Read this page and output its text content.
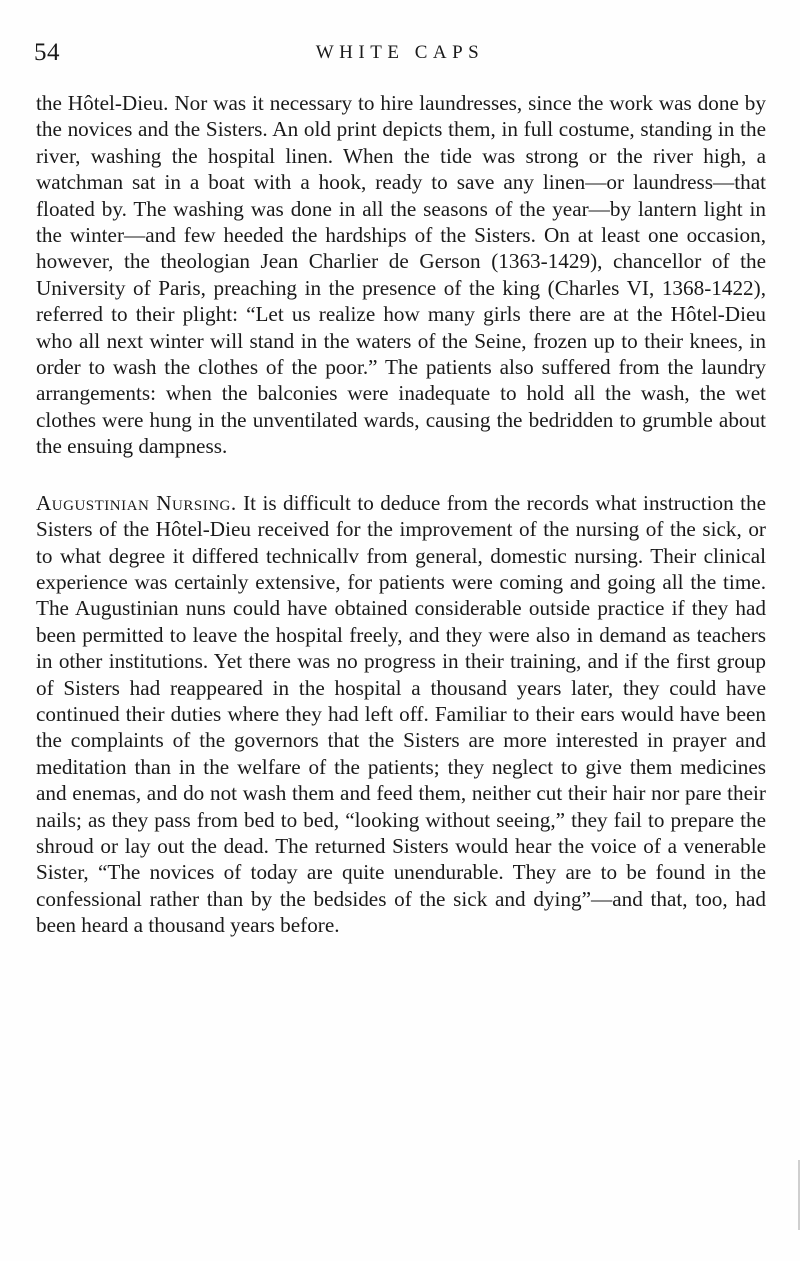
54	WHITE CAPS

the Hôtel-Dieu. Nor was it necessary to hire laundresses, since the work was done by the novices and the Sisters. An old print depicts them, in full costume, standing in the river, washing the hospital linen. When the tide was strong or the river high, a watchman sat in a boat with a hook, ready to save any linen—or laundress—that floated by. The washing was done in all the seasons of the year—by lantern light in the winter—and few heeded the hardships of the Sisters. On at least one occasion, however, the theologian Jean Charlier de Gerson (1363-1429), chancellor of the University of Paris, preaching in the presence of the king (Charles VI, 1368-1422), referred to their plight: “Let us realize how many girls there are at the Hôtel-Dieu who all next winter will stand in the waters of the Seine, frozen up to their knees, in order to wash the clothes of the poor.” The patients also suffered from the laundry arrangements: when the balconies were inadequate to hold all the wash, the wet clothes were hung in the unventilated wards, causing the bedridden to grumble about the ensuing dampness.

Augustinian Nursing. It is difficult to deduce from the records what instruction the Sisters of the Hôtel-Dieu received for the improvement of the nursing of the sick, or to what degree it differed technicallv from general, domestic nursing. Their clinical experience was certainly extensive, for patients were coming and going all the time. The Augustinian nuns could have obtained considerable outside practice if they had been permitted to leave the hospital freely, and they were also in demand as teachers in other institutions. Yet there was no progress in their training, and if the first group of Sisters had reappeared in the hospital a thousand years later, they could have continued their duties where they had left off. Familiar to their ears would have been the complaints of the governors that the Sisters are more interested in prayer and meditation than in the welfare of the patients; they neglect to give them medicines and enemas, and do not wash them and feed them, neither cut their hair nor pare their nails; as they pass from bed to bed, “looking without seeing,” they fail to prepare the shroud or lay out the dead. The returned Sisters would hear the voice of a venerable Sister, “The novices of today are quite unendurable. They are to be found in the confessional rather than by the bedsides of the sick and dying”—and that, too, had been heard a thousand years before.
